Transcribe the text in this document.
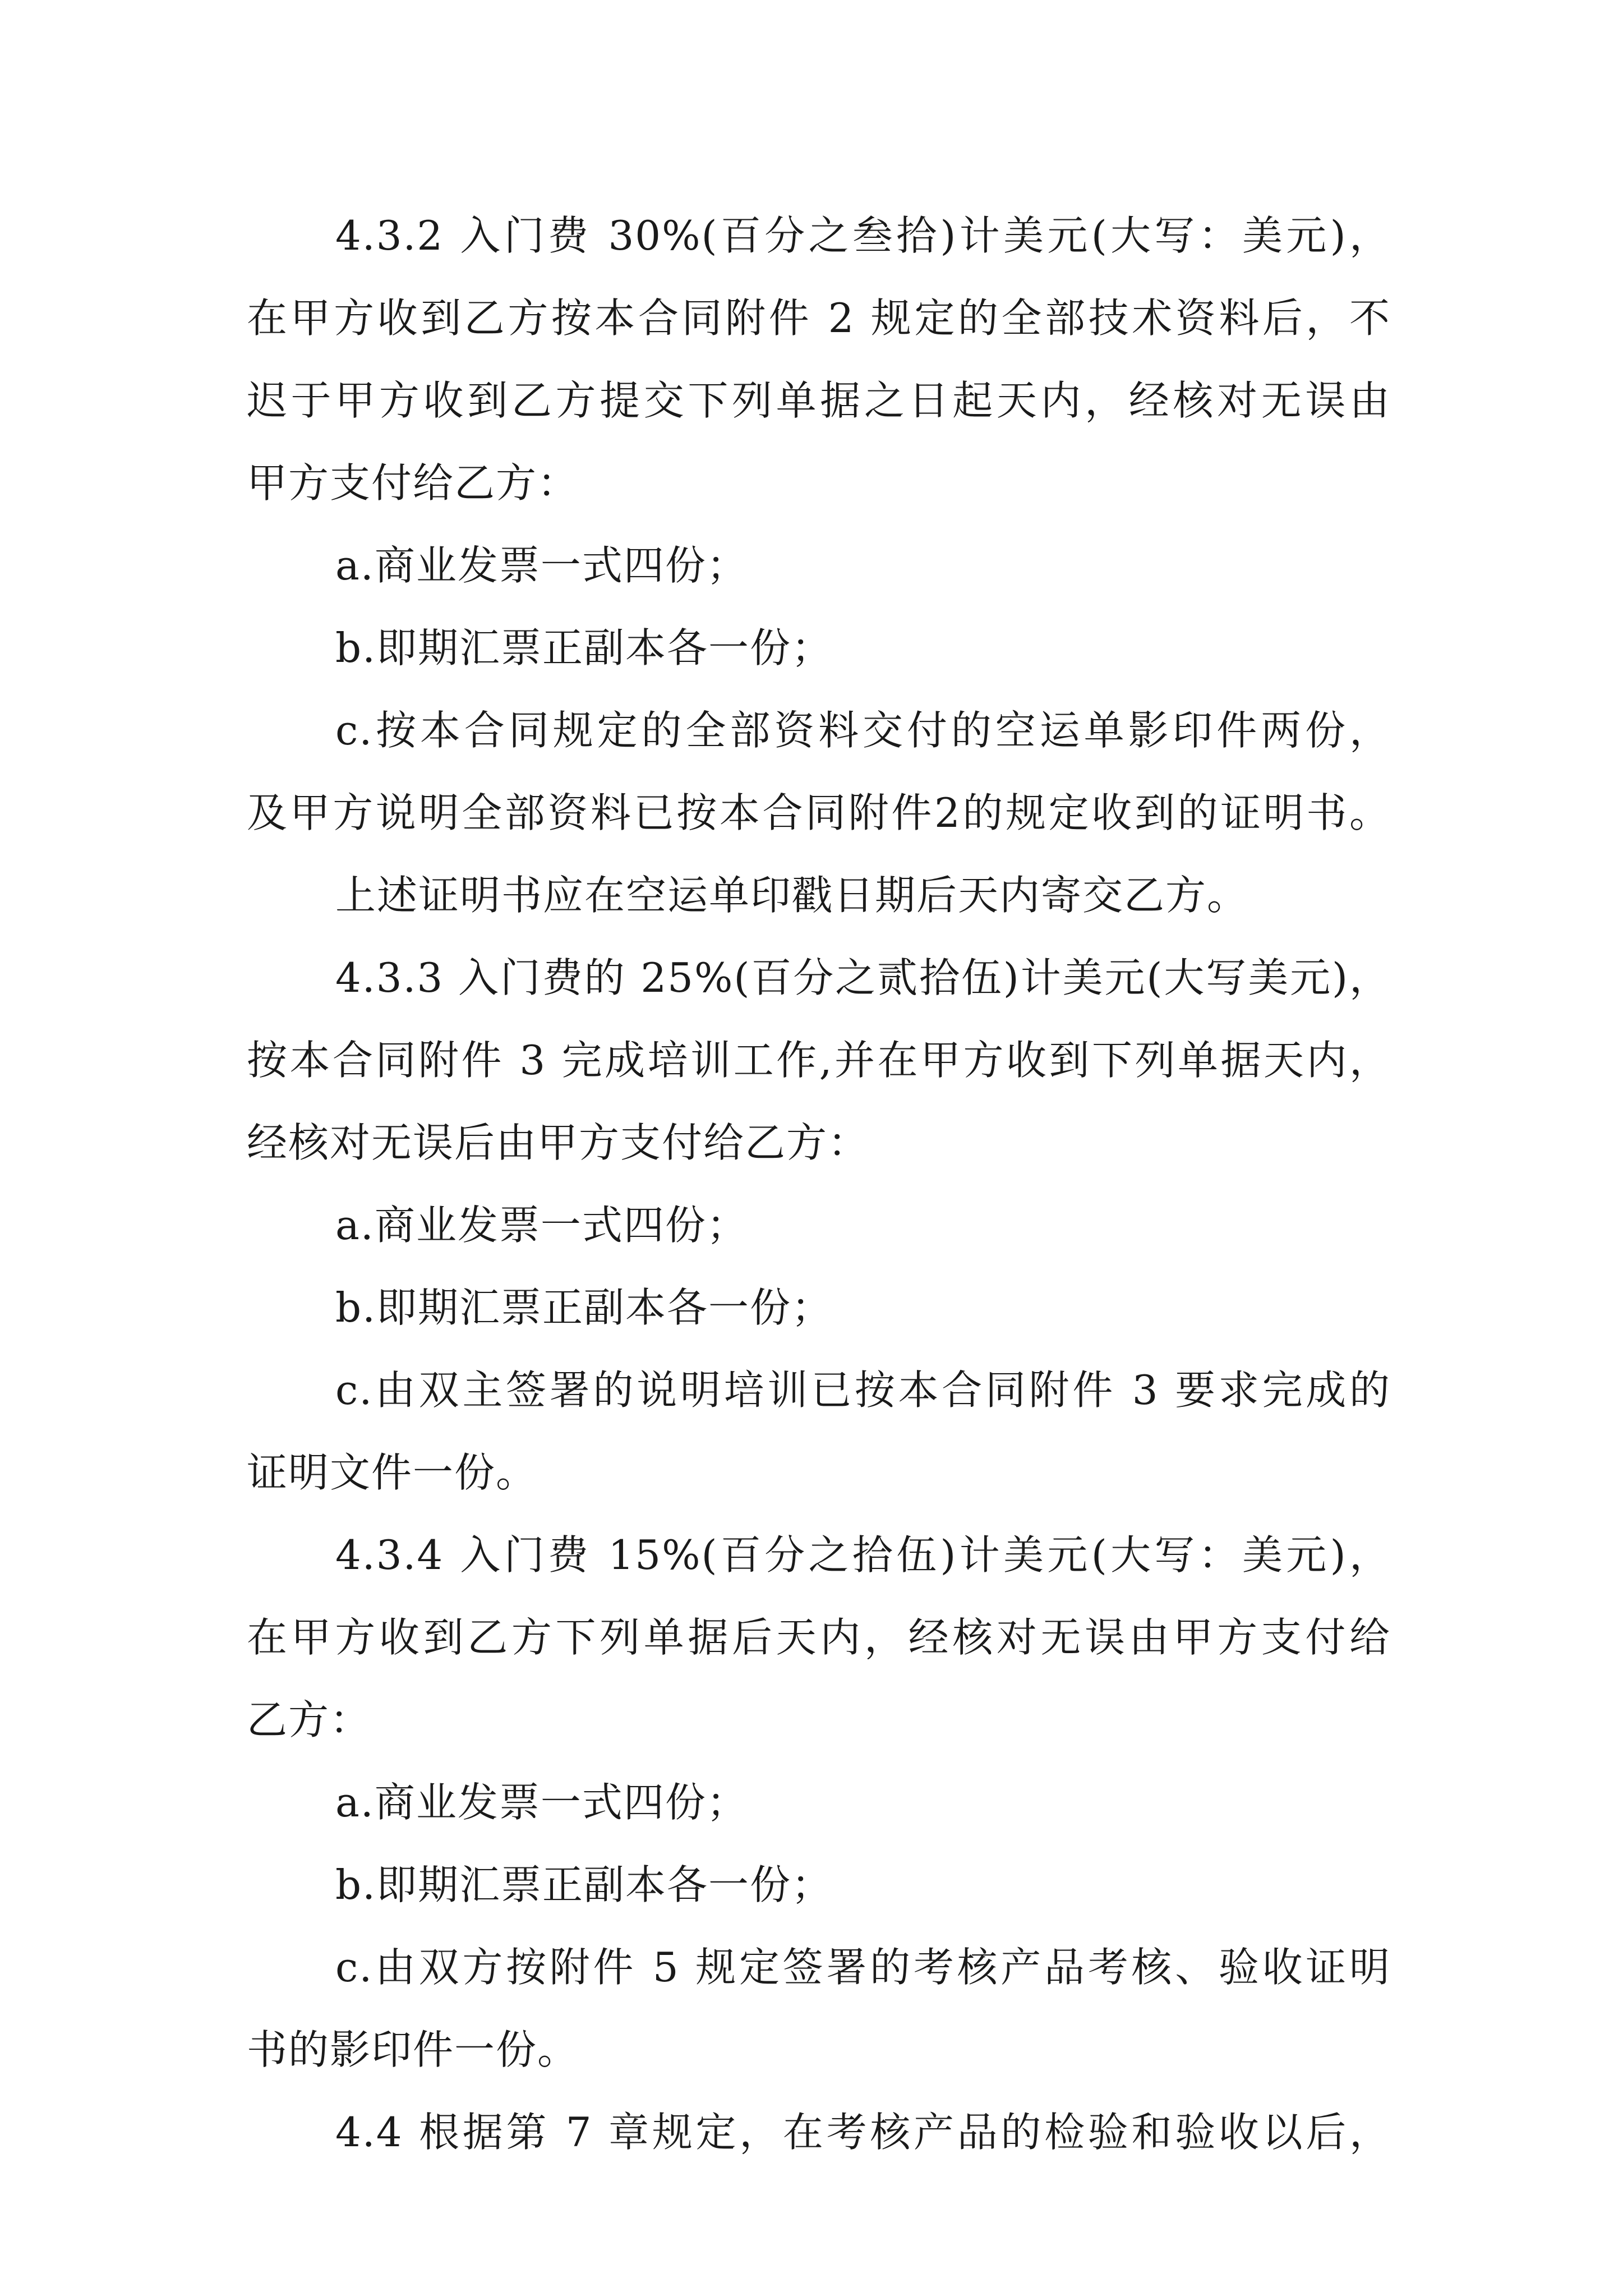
4.3.2 入门费 30%(百分之叁拾)计美元(大写：美元)，
在甲方收到乙方按本合同附件 2 规定的全部技术资料后，不
迟于甲方收到乙方提交下列单据之日起天内，经核对无误由
甲方支付给乙方：
a.商业发票一式四份；
b.即期汇票正副本各一份；
c.按本合同规定的全部资料交付的空运单影印件两份，
及甲方说明全部资料已按本合同附件2的规定收到的证明书。
上述证明书应在空运单印戳日期后天内寄交乙方。
4.3.3 入门费的 25%(百分之贰拾伍)计美元(大写美元)，
按本合同附件 3 完成培训工作,并在甲方收到下列单据天内，
经核对无误后由甲方支付给乙方：
a.商业发票一式四份；
b.即期汇票正副本各一份；
c.由双主签署的说明培训已按本合同附件 3 要求完成的
证明文件一份。
4.3.4 入门费 15%(百分之拾伍)计美元(大写：美元)，
在甲方收到乙方下列单据后天内，经核对无误由甲方支付给
乙方：
a.商业发票一式四份；
b.即期汇票正副本各一份；
c.由双方按附件 5 规定签署的考核产品考核、验收证明
书的影印件一份。
4.4 根据第 7 章规定，在考核产品的检验和验收以后，
